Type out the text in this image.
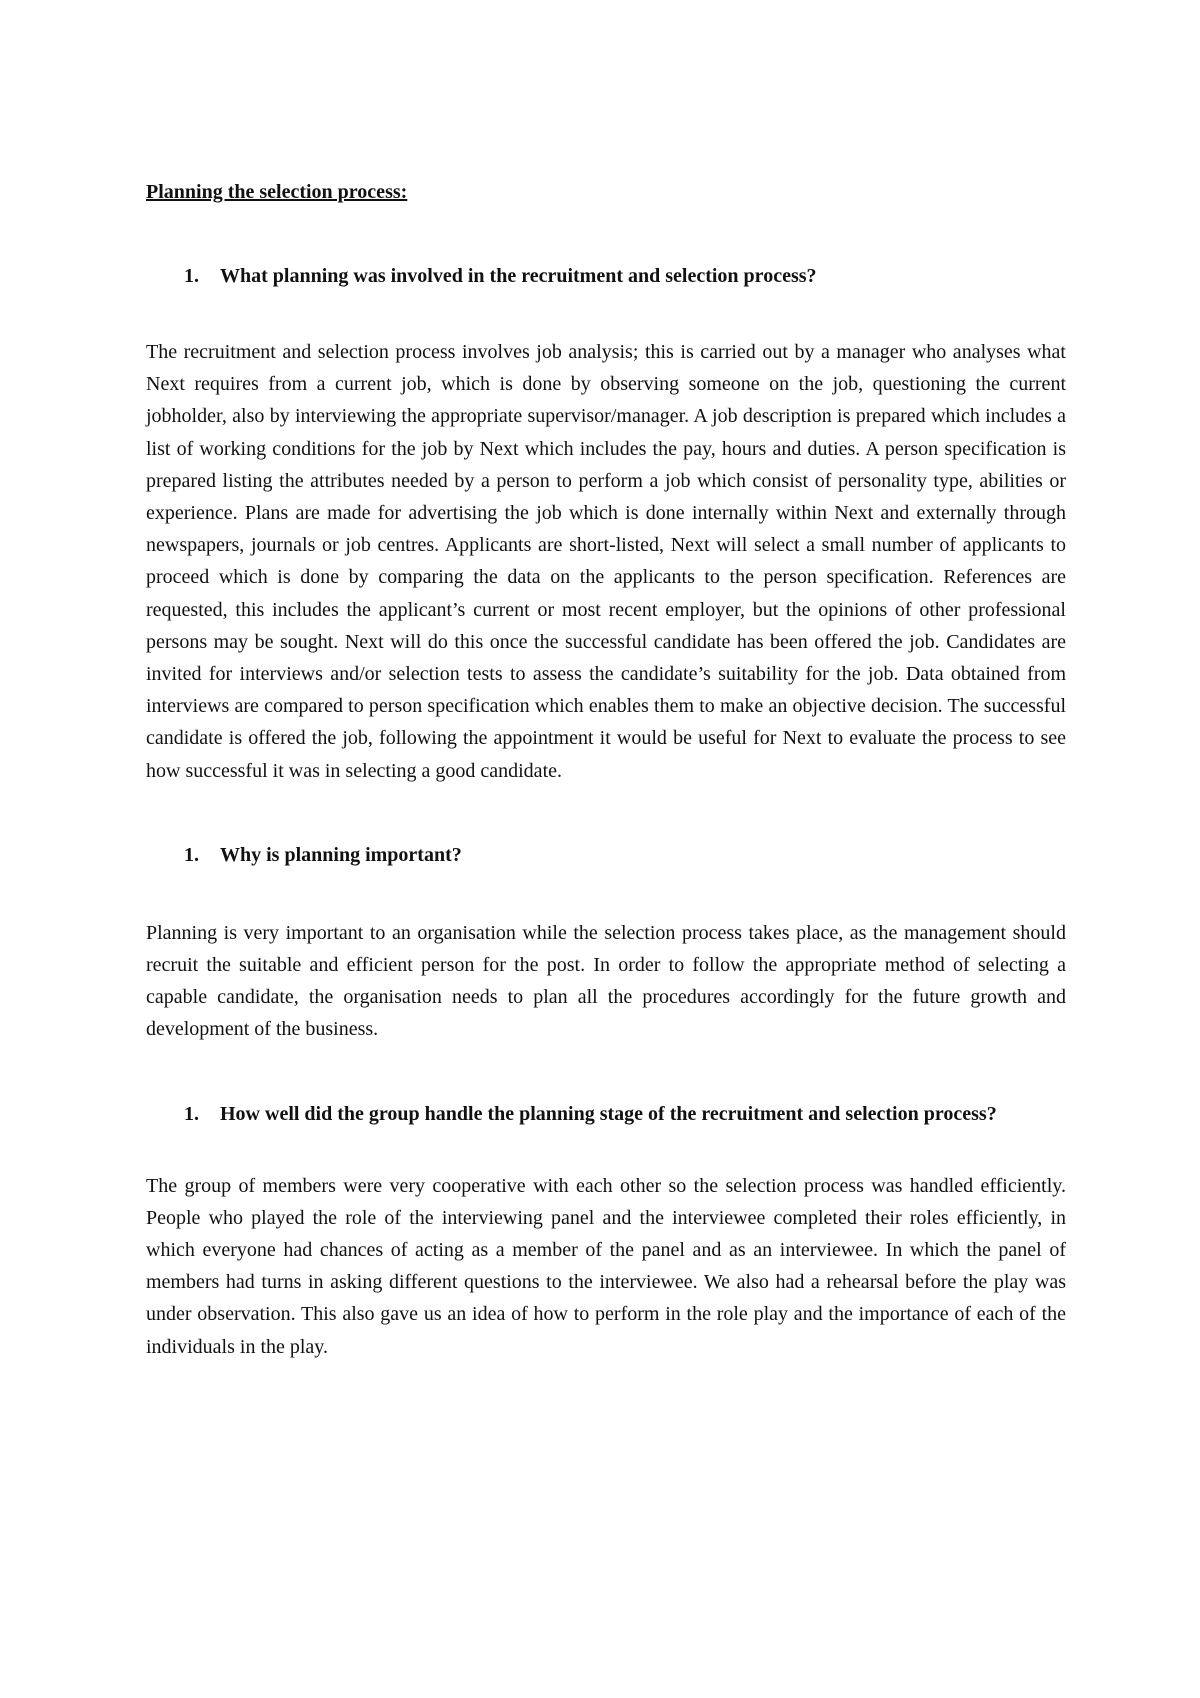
Planning the selection process:

1.	What planning was involved in the recruitment and selection process?

The recruitment and selection process involves job analysis; this is carried out by a manager who analyses what Next requires from a current job, which is done by observing someone on the job, questioning the current jobholder, also by interviewing the appropriate supervisor/manager. A job description is prepared which includes a list of working conditions for the job by Next which includes the pay, hours and duties. A person specification is prepared listing the attributes needed by a person to perform a job which consist of personality type, abilities or experience. Plans are made for advertising the job which is done internally within Next and externally through newspapers, journals or job centres. Applicants are short-listed, Next will select a small number of applicants to proceed which is done by comparing the data on the applicants to the person specification. References are requested, this includes the applicant’s current or most recent employer, but the opinions of other professional persons may be sought. Next will do this once the successful candidate has been offered the job. Candidates are invited for interviews and/or selection tests to assess the candidate’s suitability for the job. Data obtained from interviews are compared to person specification which enables them to make an objective decision. The successful candidate is offered the job, following the appointment it would be useful for Next to evaluate the process to see how successful it was in selecting a good candidate.

1.	Why is planning important?

Planning is very important to an organisation while the selection process takes place, as the management should recruit the suitable and efficient person for the post. In order to follow the appropriate method of selecting a capable candidate, the organisation needs to plan all the procedures accordingly for the future growth and development of the business.

1.	How well did the group handle the planning stage of the recruitment and selection process?

The group of members were very cooperative with each other so the selection process was handled efficiently. People who played the role of the interviewing panel and the interviewee completed their roles efficiently, in which everyone had chances of acting as a member of the panel and as an interviewee. In which the panel of members had turns in asking different questions to the interviewee. We also had a rehearsal before the play was under observation. This also gave us an idea of how to perform in the role play and the importance of each of the individuals in the play.
